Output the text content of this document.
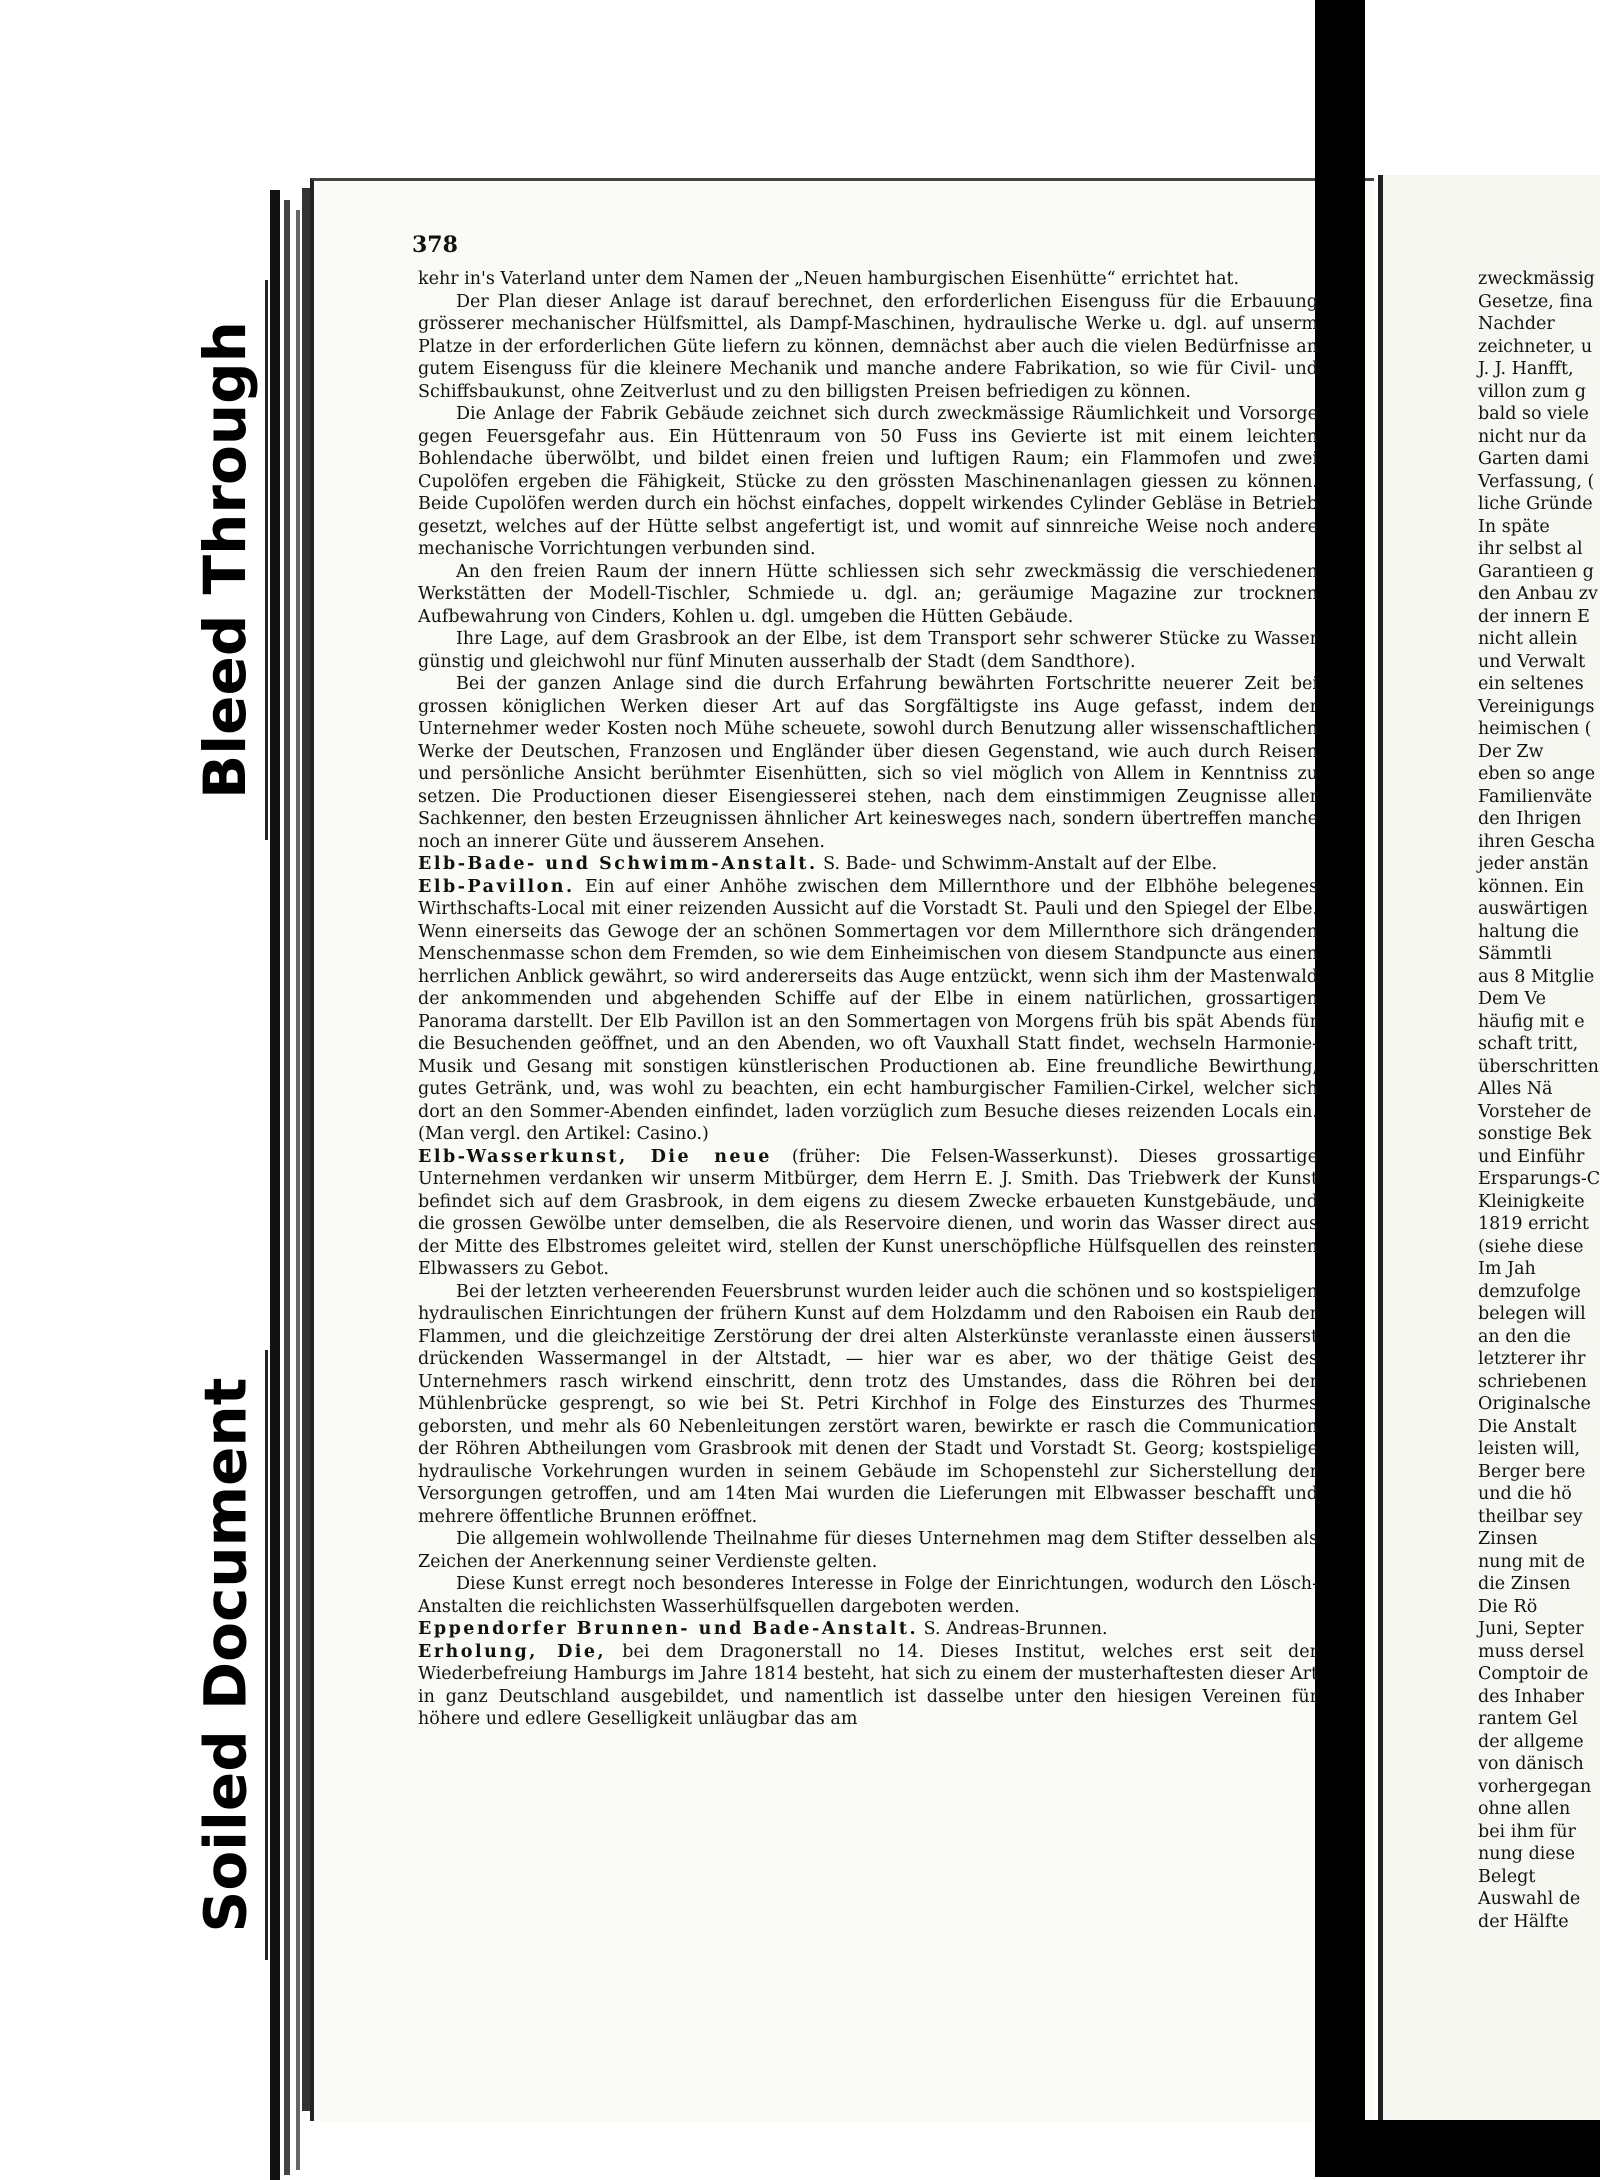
Bleed Through
Soiled Document
378

kehr in's Vaterland unter dem Namen der „Neuen hamburgischen Eisenhütte“ errichtet hat.

Der Plan dieser Anlage ist darauf berechnet, den erforderlichen Eisenguss für die Erbauung grösserer mechanischer Hülfsmittel, als Dampf-Maschinen, hydraulische Werke u. dgl. auf unserm Platze in der erforderlichen Güte liefern zu können, demnächst aber auch die vielen Bedürfnisse an gutem Eisenguss für die kleinere Mechanik und manche andere Fabrikation, so wie für Civil- und Schiffsbaukunst, ohne Zeitverlust und zu den billigsten Preisen befriedigen zu können.

Die Anlage der Fabrik Gebäude zeichnet sich durch zweckmässige Räumlichkeit und Vorsorge gegen Feuersgefahr aus. Ein Hüttenraum von 50 Fuss ins Gevierte ist mit einem leichten Bohlendache überwölbt, und bildet einen freien und luftigen Raum; ein Flammofen und zwei Cupolöfen ergeben die Fähigkeit, Stücke zu den grössten Maschinenanlagen giessen zu können. Beide Cupolöfen werden durch ein höchst einfaches, doppelt wirkendes Cylinder Gebläse in Betrieb gesetzt, welches auf der Hütte selbst angefertigt ist, und womit auf sinnreiche Weise noch andere mechanische Vorrichtungen verbunden sind.

An den freien Raum der innern Hütte schliessen sich sehr zweckmässig die verschiedenen Werkstätten der Modell-Tischler, Schmiede u. dgl. an; geräumige Magazine zur trocknen Aufbewahrung von Cinders, Kohlen u. dgl. umgeben die Hütten Gebäude.

Ihre Lage, auf dem Grasbrook an der Elbe, ist dem Transport sehr schwerer Stücke zu Wasser günstig und gleichwohl nur fünf Minuten ausserhalb der Stadt (dem Sandthore).

Bei der ganzen Anlage sind die durch Erfahrung bewährten Fortschritte neuerer Zeit bei grossen königlichen Werken dieser Art auf das Sorgfältigste ins Auge gefasst, indem der Unternehmer weder Kosten noch Mühe scheuete, sowohl durch Benutzung aller wissenschaftlichen Werke der Deutschen, Franzosen und Engländer über diesen Gegenstand, wie auch durch Reisen und persönliche Ansicht berühmter Eisenhütten, sich so viel möglich von Allem in Kenntniss zu setzen. Die Productionen dieser Eisengiesserei stehen, nach dem einstimmigen Zeugnisse aller Sachkenner, den besten Erzeugnissen ähnlicher Art keinesweges nach, sondern übertreffen manche noch an innerer Güte und äusserem Ansehen.

Elb-Bade- und Schwimm-Anstalt. S. Bade- und Schwimm-Anstalt auf der Elbe.

Elb-Pavillon. Ein auf einer Anhöhe zwischen dem Millernthore und der Elbhöhe belegenes Wirthschafts-Local mit einer reizenden Aussicht auf die Vorstadt St. Pauli und den Spiegel der Elbe. Wenn einerseits das Gewoge der an schönen Sommertagen vor dem Millernthore sich drängenden Menschenmasse schon dem Fremden, so wie dem Einheimischen von diesem Standpuncte aus einen herrlichen Anblick gewährt, so wird andererseits das Auge entzückt, wenn sich ihm der Mastenwald der ankommenden und abgehenden Schiffe auf der Elbe in einem natürlichen, grossartigen Panorama darstellt. Der Elb Pavillon ist an den Sommertagen von Morgens früh bis spät Abends für die Besuchenden geöffnet, und an den Abenden, wo oft Vauxhall Statt findet, wechseln Harmonie-Musik und Gesang mit sonstigen künstlerischen Productionen ab. Eine freundliche Bewirthung, gutes Getränk, und, was wohl zu beachten, ein echt hamburgischer Familien-Cirkel, welcher sich dort an den Sommer-Abenden einfindet, laden vorzüglich zum Besuche dieses reizenden Locals ein. (Man vergl. den Artikel: Casino.)

Elb-Wasserkunst, Die neue (früher: Die Felsen-Wasserkunst). Dieses grossartige Unternehmen verdanken wir unserm Mitbürger, dem Herrn E. J. Smith. Das Triebwerk der Kunst befindet sich auf dem Grasbrook, in dem eigens zu diesem Zwecke erbaueten Kunstgebäude, und die grossen Gewölbe unter demselben, die als Reservoire dienen, und worin das Wasser direct aus der Mitte des Elbstromes geleitet wird, stellen der Kunst unerschöpfliche Hülfsquellen des reinsten Elbwassers zu Gebot.

Bei der letzten verheerenden Feuersbrunst wurden leider auch die schönen und so kostspieligen hydraulischen Einrichtungen der frühern Kunst auf dem Holzdamm und den Raboisen ein Raub der Flammen, und die gleichzeitige Zerstörung der drei alten Alsterkünste veranlasste einen äusserst drückenden Wassermangel in der Altstadt, — hier war es aber, wo der thätige Geist des Unternehmers rasch wirkend einschritt, denn trotz des Umstandes, dass die Röhren bei der Mühlenbrücke gesprengt, so wie bei St. Petri Kirchhof in Folge des Einsturzes des Thurmes geborsten, und mehr als 60 Nebenleitungen zerstört waren, bewirkte er rasch die Communication der Röhren Abtheilungen vom Grasbrook mit denen der Stadt und Vorstadt St. Georg; kostspielige hydraulische Vorkehrungen wurden in seinem Gebäude im Schopenstehl zur Sicherstellung der Versorgungen getroffen, und am 14ten Mai wurden die Lieferungen mit Elbwasser beschafft und mehrere öffentliche Brunnen eröffnet.

Die allgemein wohlwollende Theilnahme für dieses Unternehmen mag dem Stifter desselben als Zeichen der Anerkennung seiner Verdienste gelten.

Diese Kunst erregt noch besonderes Interesse in Folge der Einrichtungen, wodurch den Lösch-Anstalten die reichlichsten Wasserhülfsquellen dargeboten werden.

Eppendorfer Brunnen- und Bade-Anstalt. S. Andreas-Brunnen.

Erholung, Die, bei dem Dragonerstall no 14. Dieses Institut, welches erst seit der Wiederbefreiung Hamburgs im Jahre 1814 besteht, hat sich zu einem der musterhaftesten dieser Art in ganz Deutschland ausgebildet, und namentlich ist dasselbe unter den hiesigen Vereinen für höhere und edlere Geselligkeit unläugbar das am

zweckmässig
Gesetze, fina
Nachder
zeichneter, u
J. J. Hanfft,
villon zum g
bald so viele
nicht nur da
Garten dami
Verfassung, (
liche Gründe
In späte
ihr selbst al
Garantieen g
den Anbau zv
der innern E
nicht allein
und Verwalt
ein seltenes
Vereinigungs
heimischen (
Der Zw
eben so ange
Familienväte
den Ihrigen
ihren Gescha
jeder anstän
können. Ein
auswärtigen
haltung die
Sämmtli
aus 8 Mitglie
Dem Ve
häufig mit e
schaft tritt,
überschritten
Alles Nä
Vorsteher de
sonstige Bek
und Einführ
Ersparungs-C
Kleinigkeite
1819 erricht
(siehe diese
Im Jah
demzufolge
belegen will
an den die
letzterer ihr
schriebenen
Originalsche
Die Anstalt
leisten will,
Berger bere
und die hö
theilbar sey
Zinsen
nung mit de
die Zinsen
Die Rö
Juni, Septer
muss dersel
Comptoir de
des Inhaber
rantem Gel
der allgeme
von dänisch
vorhergegan
ohne allen
bei ihm für
nung diese
Belegt
Auswahl de
der Hälfte
